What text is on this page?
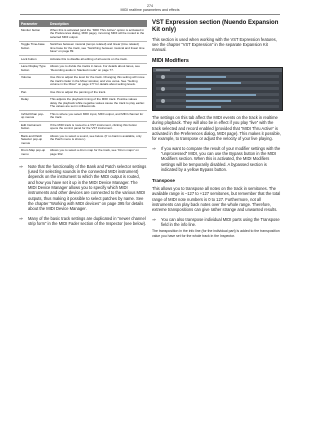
274
MIDI realtime parameters and effects
Parameter	Description
Monitor button	When this is activated (and the “MIDI Thru Active” option is activated in the Preferences dialog, MIDI page), incoming MIDI will be routed to the selected MIDI output.
Toggle Time-base button	Switches between musical (tempo related) and linear (time related) time base for the track, see “Switching between musical and linear time base” on page 89.
Lock button	Activate this to disable all editing of all events on the track.
Lane Display Type button	Allows you to divide the tracks in lanes. For details about lanes, see “Recording audio in Stacked mode” on page 77.
Volume	Use this to adjust the level for the track. Changing this setting will move the track’s fader in the Mixer window, and vice versa. See “Setting volume in the Mixer” on page 177 for details about setting levels.
Pan	Use this to adjust the panning of the track.
Delay	This adjusts the playback timing of the MIDI track. Positive values delay the playback while negative values cause the track to play earlier. The values are set in milliseconds.
In/Out/Chan pop-up menus	This is where you select MIDI input, MIDI output, and MIDI channel for the track.
Edit Instrument button	If the MIDI track is routed to a VST instrument, clicking this button opens the control panel for the VST instrument.
Bank and Patch Selector pop-up menus	Allows you to select a sound, see below. (If no bank is available, only the Patch menu is shown.)
Drum Map pop-up menu	Allows you to select a drum map for the track, see “Drum maps” on page 392.
⇒	Note that the functionality of the Bank and Patch selector settings (used for selecting sounds in the connected MIDI instrument) depends on the instrument to which the MIDI output is routed, and how you have set it up in the MIDI Device Manager. The MIDI Device Manager allows you to specify which MIDI instruments and other devices are connected to the various MIDI outputs, thus making it possible to select patches by name. See the chapter “Working with MIDI devices” on page 395 for details about the MIDI Device Manager.

⇒	Many of the basic track settings are duplicated in “newer channel strip form” in the MIDI Fader section of the Inspector (see below).

VST Expression section (Nuendo Expansion Kit only)

This section is used when working with the VST Expression features, see the chapter “VST Expression” in the separate Expansion Kit manual.

MIDI Modifiers

The settings on this tab affect the MIDI events on the track in realtime during playback. They will also be in effect if you play “live” with the track selected and record enabled (provided that “MIDI Thru Active” is activated in the Preferences dialog, MIDI page). This makes it possible, for example, to transpose or adjust the velocity of your live playing.

⇒	If you want to compare the result of your modifier settings with the “unprocessed” MIDI, you can use the Bypass button in the MIDI Modifiers section. When this is activated, the MIDI Modifiers settings will be temporarily disabled. A bypassed section is indicated by a yellow Bypass button.

Transpose

This allows you to transpose all notes on the track in semitones. The available range is –127 to +127 semitones, but remember that the total range of MIDI note numbers is 0 to 127. Furthermore, not all instruments can play back notes over the whole range. Therefore, extreme transpositions can give rather strange and unwanted results.

⇒	You can also transpose individual MIDI parts using the Transpose field in the info line.

The transposition in the info line (for the individual part) is added to the transposition value you have set for the whole track in the Inspector.
